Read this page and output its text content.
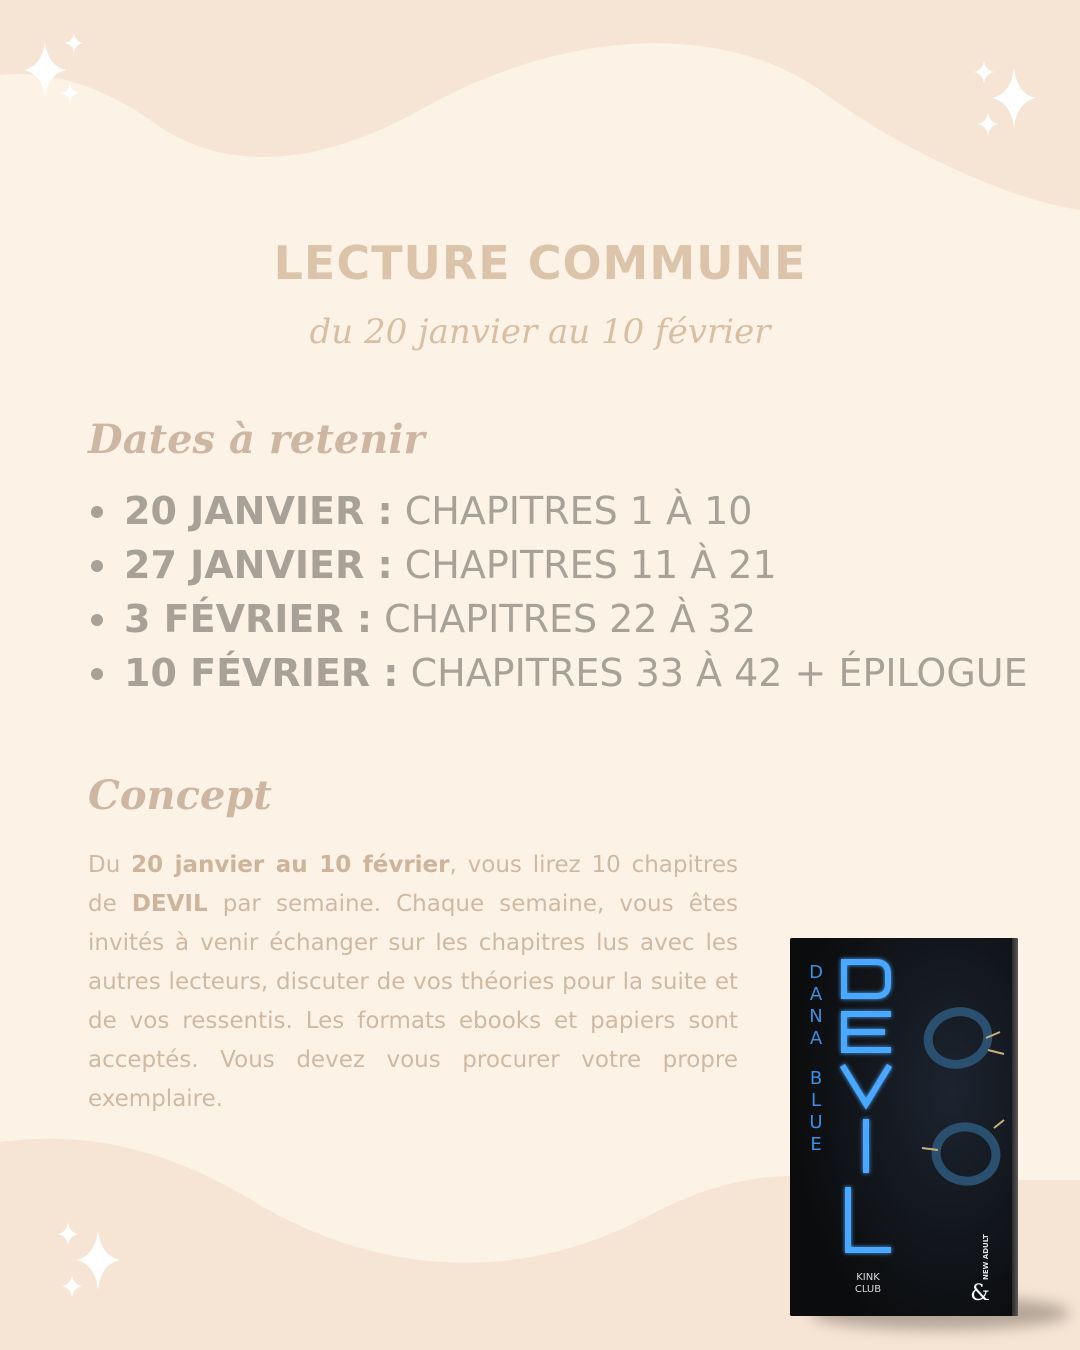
LECTURE COMMUNE

du 20 janvier au 10 février

Dates à retenir
20 JANVIER : CHAPITRES 1 À 10
27 JANVIER : CHAPITRES 11 À 21
3 FÉVRIER : CHAPITRES 22 À 32
10 FÉVRIER : CHAPITRES 33 À 42 + ÉPILOGUE
Concept

Du 20 janvier au 10 février, vous lirez 10 chapitres de DEVIL par semaine. Chaque semaine, vous êtes invités à venir échanger sur les chapitres lus avec les autres lecteurs, discuter de vos théories pour la suite et de vos ressentis. Les formats ebooks et papiers sont acceptés. Vous devez vous procurer votre propre exemplaire.

D
A
N
A
B
L
U
E
KINK
CLUB
NEW ADULT
&
